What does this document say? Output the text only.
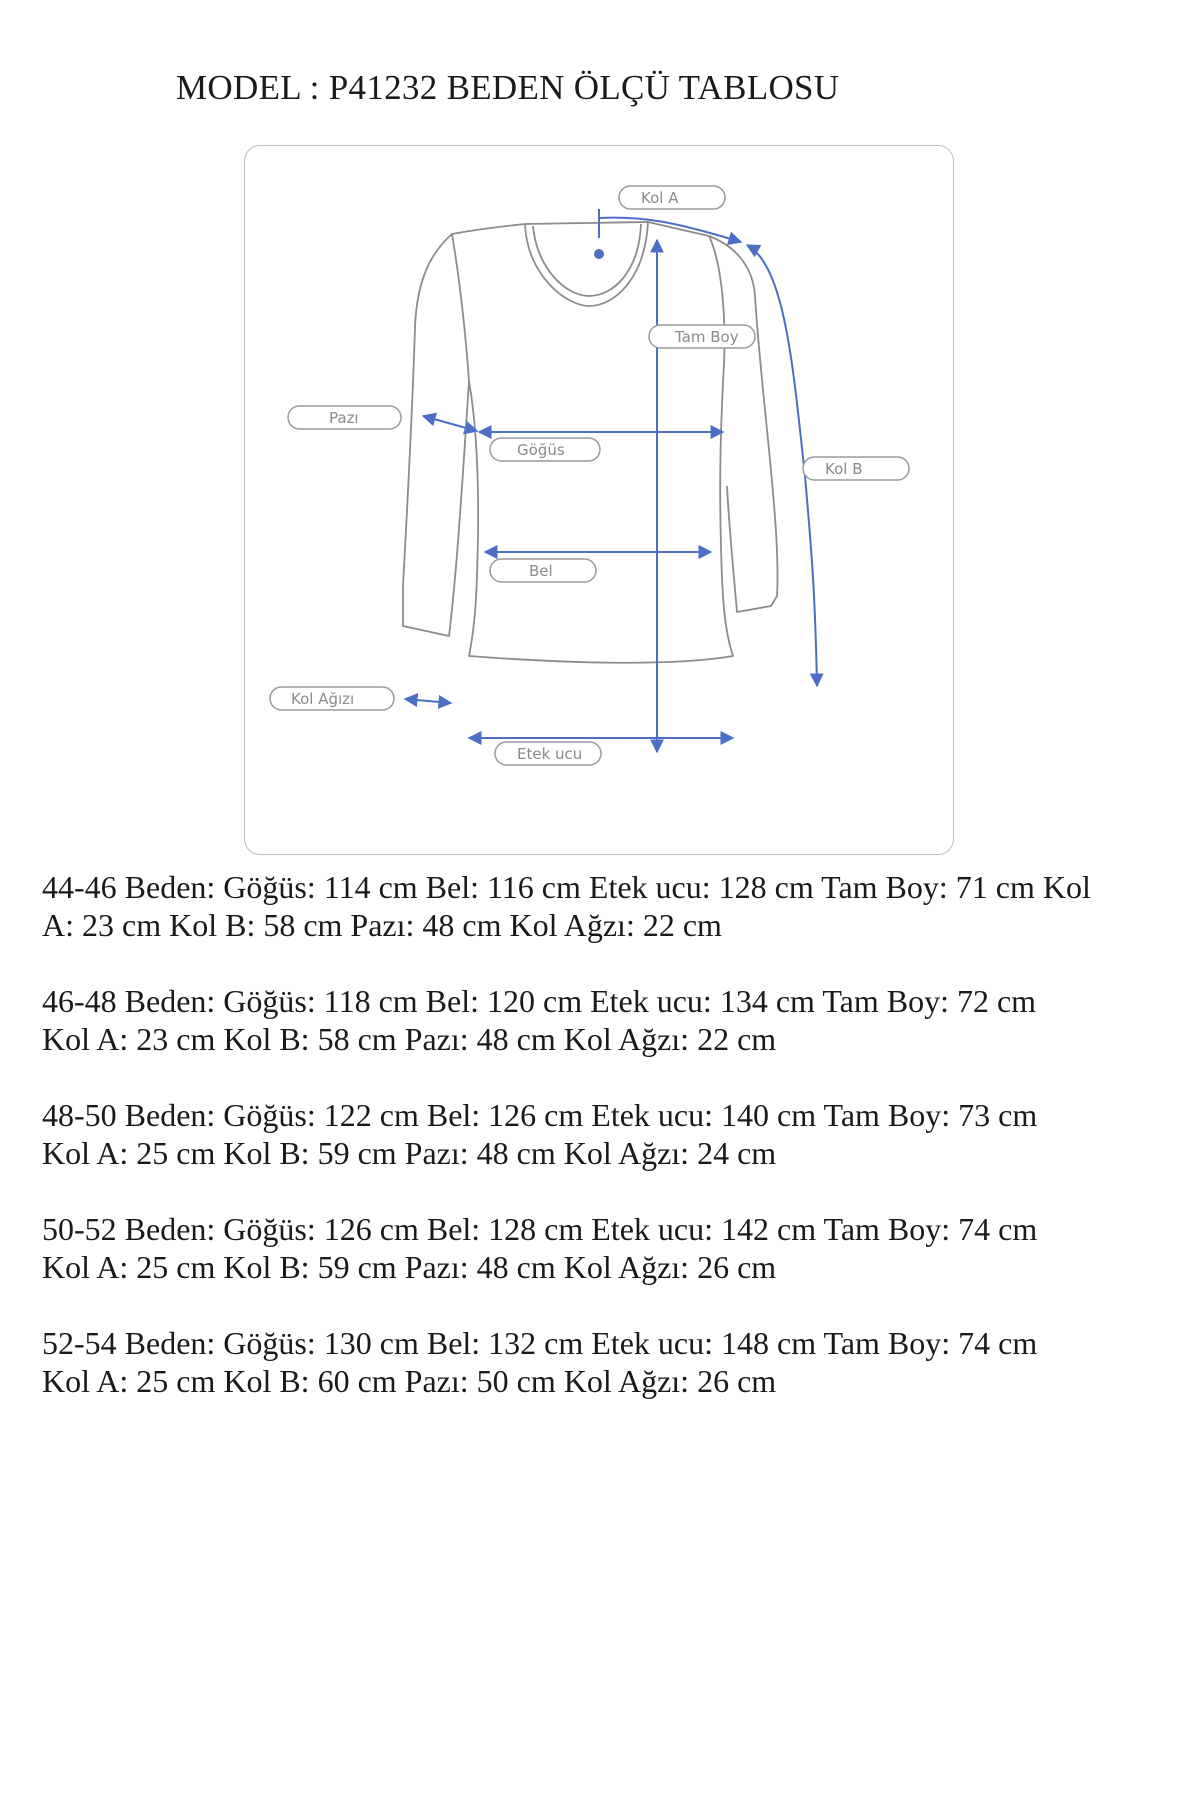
MODEL : P41232 BEDEN ÖLÇÜ TABLOSU
Kol A
Tam Boy
Pazı
Göğüs
Kol B
Bel
Kol Ağızı
Etek ucu
44-46 Beden: Göğüs: 114 cm Bel: 116 cm Etek ucu: 128 cm Tam Boy: 71 cm Kol
A: 23 cm Kol B: 58 cm Pazı: 48 cm Kol Ağzı: 22 cm
46-48 Beden: Göğüs: 118 cm Bel: 120 cm Etek ucu: 134 cm Tam Boy: 72 cm
Kol A: 23 cm Kol B: 58 cm Pazı: 48 cm Kol Ağzı: 22 cm
48-50 Beden: Göğüs: 122 cm Bel: 126 cm Etek ucu: 140 cm Tam Boy: 73 cm
Kol A: 25 cm Kol B: 59 cm Pazı: 48 cm Kol Ağzı: 24 cm
50-52 Beden: Göğüs: 126 cm Bel: 128 cm Etek ucu: 142 cm Tam Boy: 74 cm
Kol A: 25 cm Kol B: 59 cm Pazı: 48 cm Kol Ağzı: 26 cm
52-54 Beden: Göğüs: 130 cm Bel: 132 cm Etek ucu: 148 cm Tam Boy: 74 cm
Kol A: 25 cm Kol B: 60 cm Pazı: 50 cm Kol Ağzı: 26 cm
